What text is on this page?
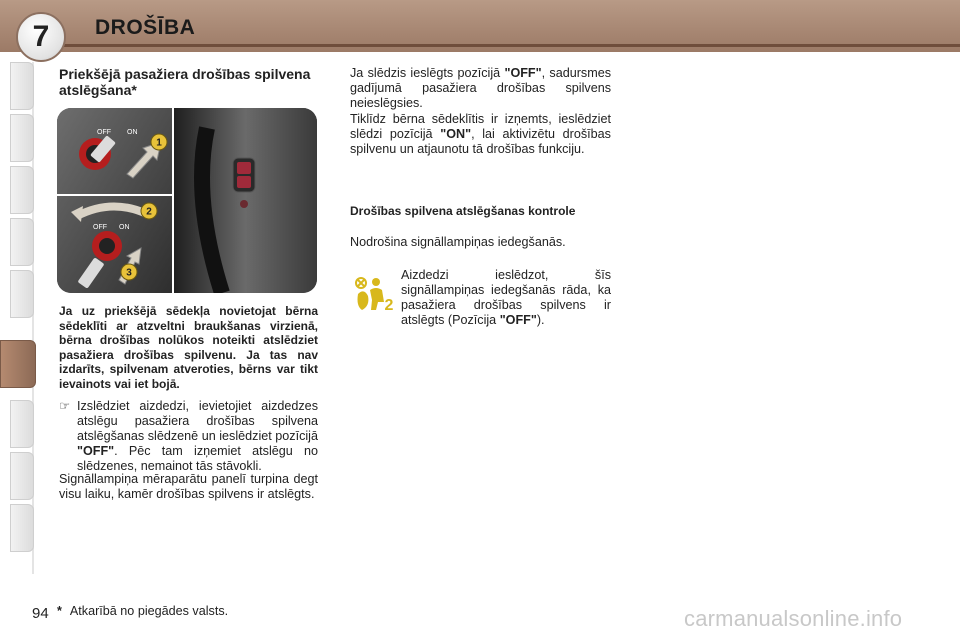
7	DROŠĪBA
Priekšējā pasažiera drošības spilvena atslēgšana*
OFF ON
1
2
OFF ON
3
Ja uz priekšējā sēdekļa novietojat bērna sēdeklīti ar atzveltni braukšanas virzienā, bērna drošības nolūkos noteikti atslēdziet pasažiera drošības spilvenu. Ja tas nav izdarīts, spilvenam atveroties, bērns var tikt ievainots vai iet bojā.
☞ Izslēdziet aizdedzi, ievietojiet aizdedzes atslēgu pasažiera drošības spilvena atslēgšanas slēdzenē un ieslēdziet pozīcijā "OFF". Pēc tam izņemiet atslēgu no slēdzenes, nemainot tās stāvokli.
Signāllampiņa mēraparātu panelī turpina degt visu laiku, kamēr drošības spilvens ir atslēgts.
Ja slēdzis ieslēgts pozīcijā "OFF", sadursmes gadījumā pasažiera drošības spilvens neieslēgsies.
Tiklīdz bērna sēdeklītis ir izņemts, ieslēdziet slēdzi pozīcijā "ON", lai aktivizētu drošības spilvenu un atjaunotu tā drošības funkciju.
Drošības spilvena atslēgšanas kontrole
Nodrošina signāllampiņas iedegšanās.
2
Aizdedzi ieslēdzot, šīs signāllampiņas iedegšanās rāda, ka pasažiera drošības spilvens ir atslēgts (Pozīcija "OFF").
94 * Atkarībā no piegādes valsts.	carmanualsonline.info
